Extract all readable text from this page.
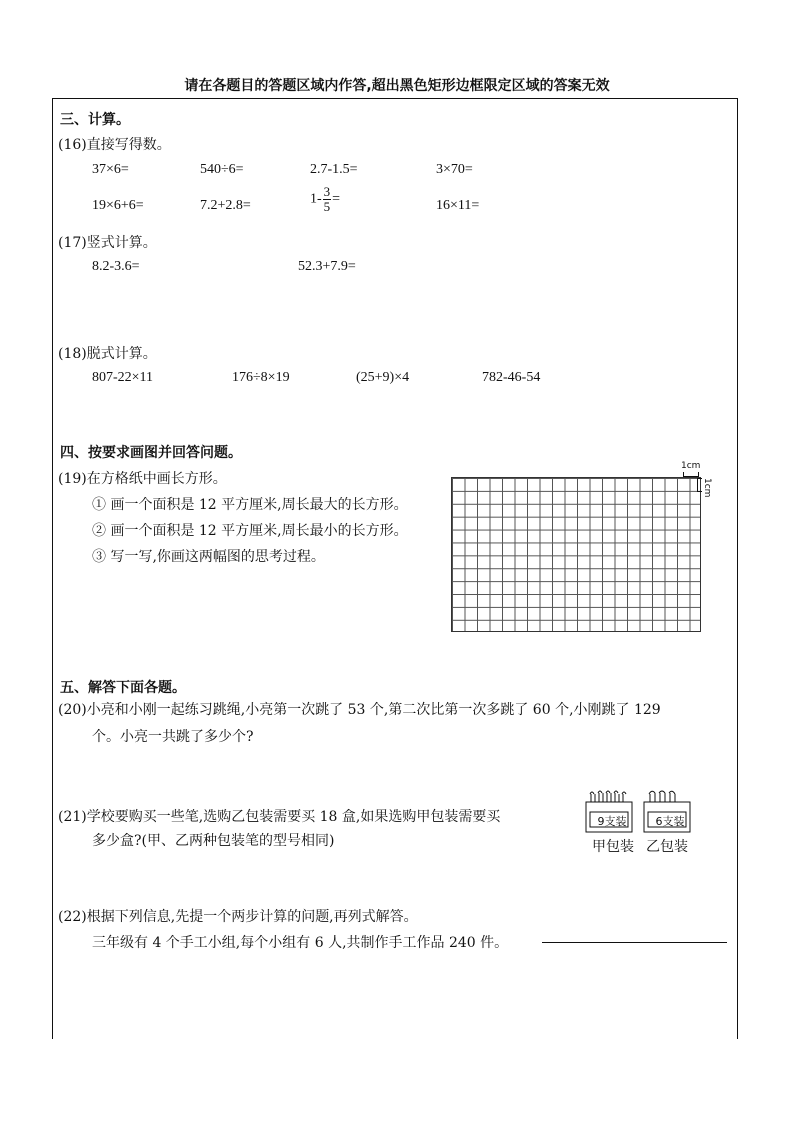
请在各题目的答题区域内作答,超出黑色矩形边框限定区域的答案无效
三、计算。
(16)直接写得数。
37×6=	540÷6=	2.7-1.5=	3×70=
19×6+6=	7.2+2.8=	$1- \frac{3}{5}$ =	16×11=
(17)竖式计算。
8.2-3.6=	52.3+7.9=
(18)脱式计算。
807-22×11	176÷8×19	(25+9)×4	782-46-54
四、按要求画图并回答问题。
(19)在方格纸中画长方形。
① 画一个面积是 12 平方厘米,周长最大的长方形。
② 画一个面积是 12 平方厘米,周长最小的长方形。
③ 写一写,你画这两幅图的思考过程。
1cm
1cm
五、解答下面各题。
(20)小亮和小刚一起练习跳绳,小亮第一次跳了 53 个,第二次比第一次多跳了 60 个,小刚跳了 129
个。小亮一共跳了多少个?
(21)学校要购买一些笔,选购乙包装需要买 18 盒,如果选购甲包装需要买
多少盒?(甲、乙两种包装笔的型号相同)
9支装	6支装
甲包装 乙包装
(22)根据下列信息,先提一个两步计算的问题,再列式解答。
三年级有 4 个手工小组,每个小组有 6 人,共制作手工作品 240 件。
